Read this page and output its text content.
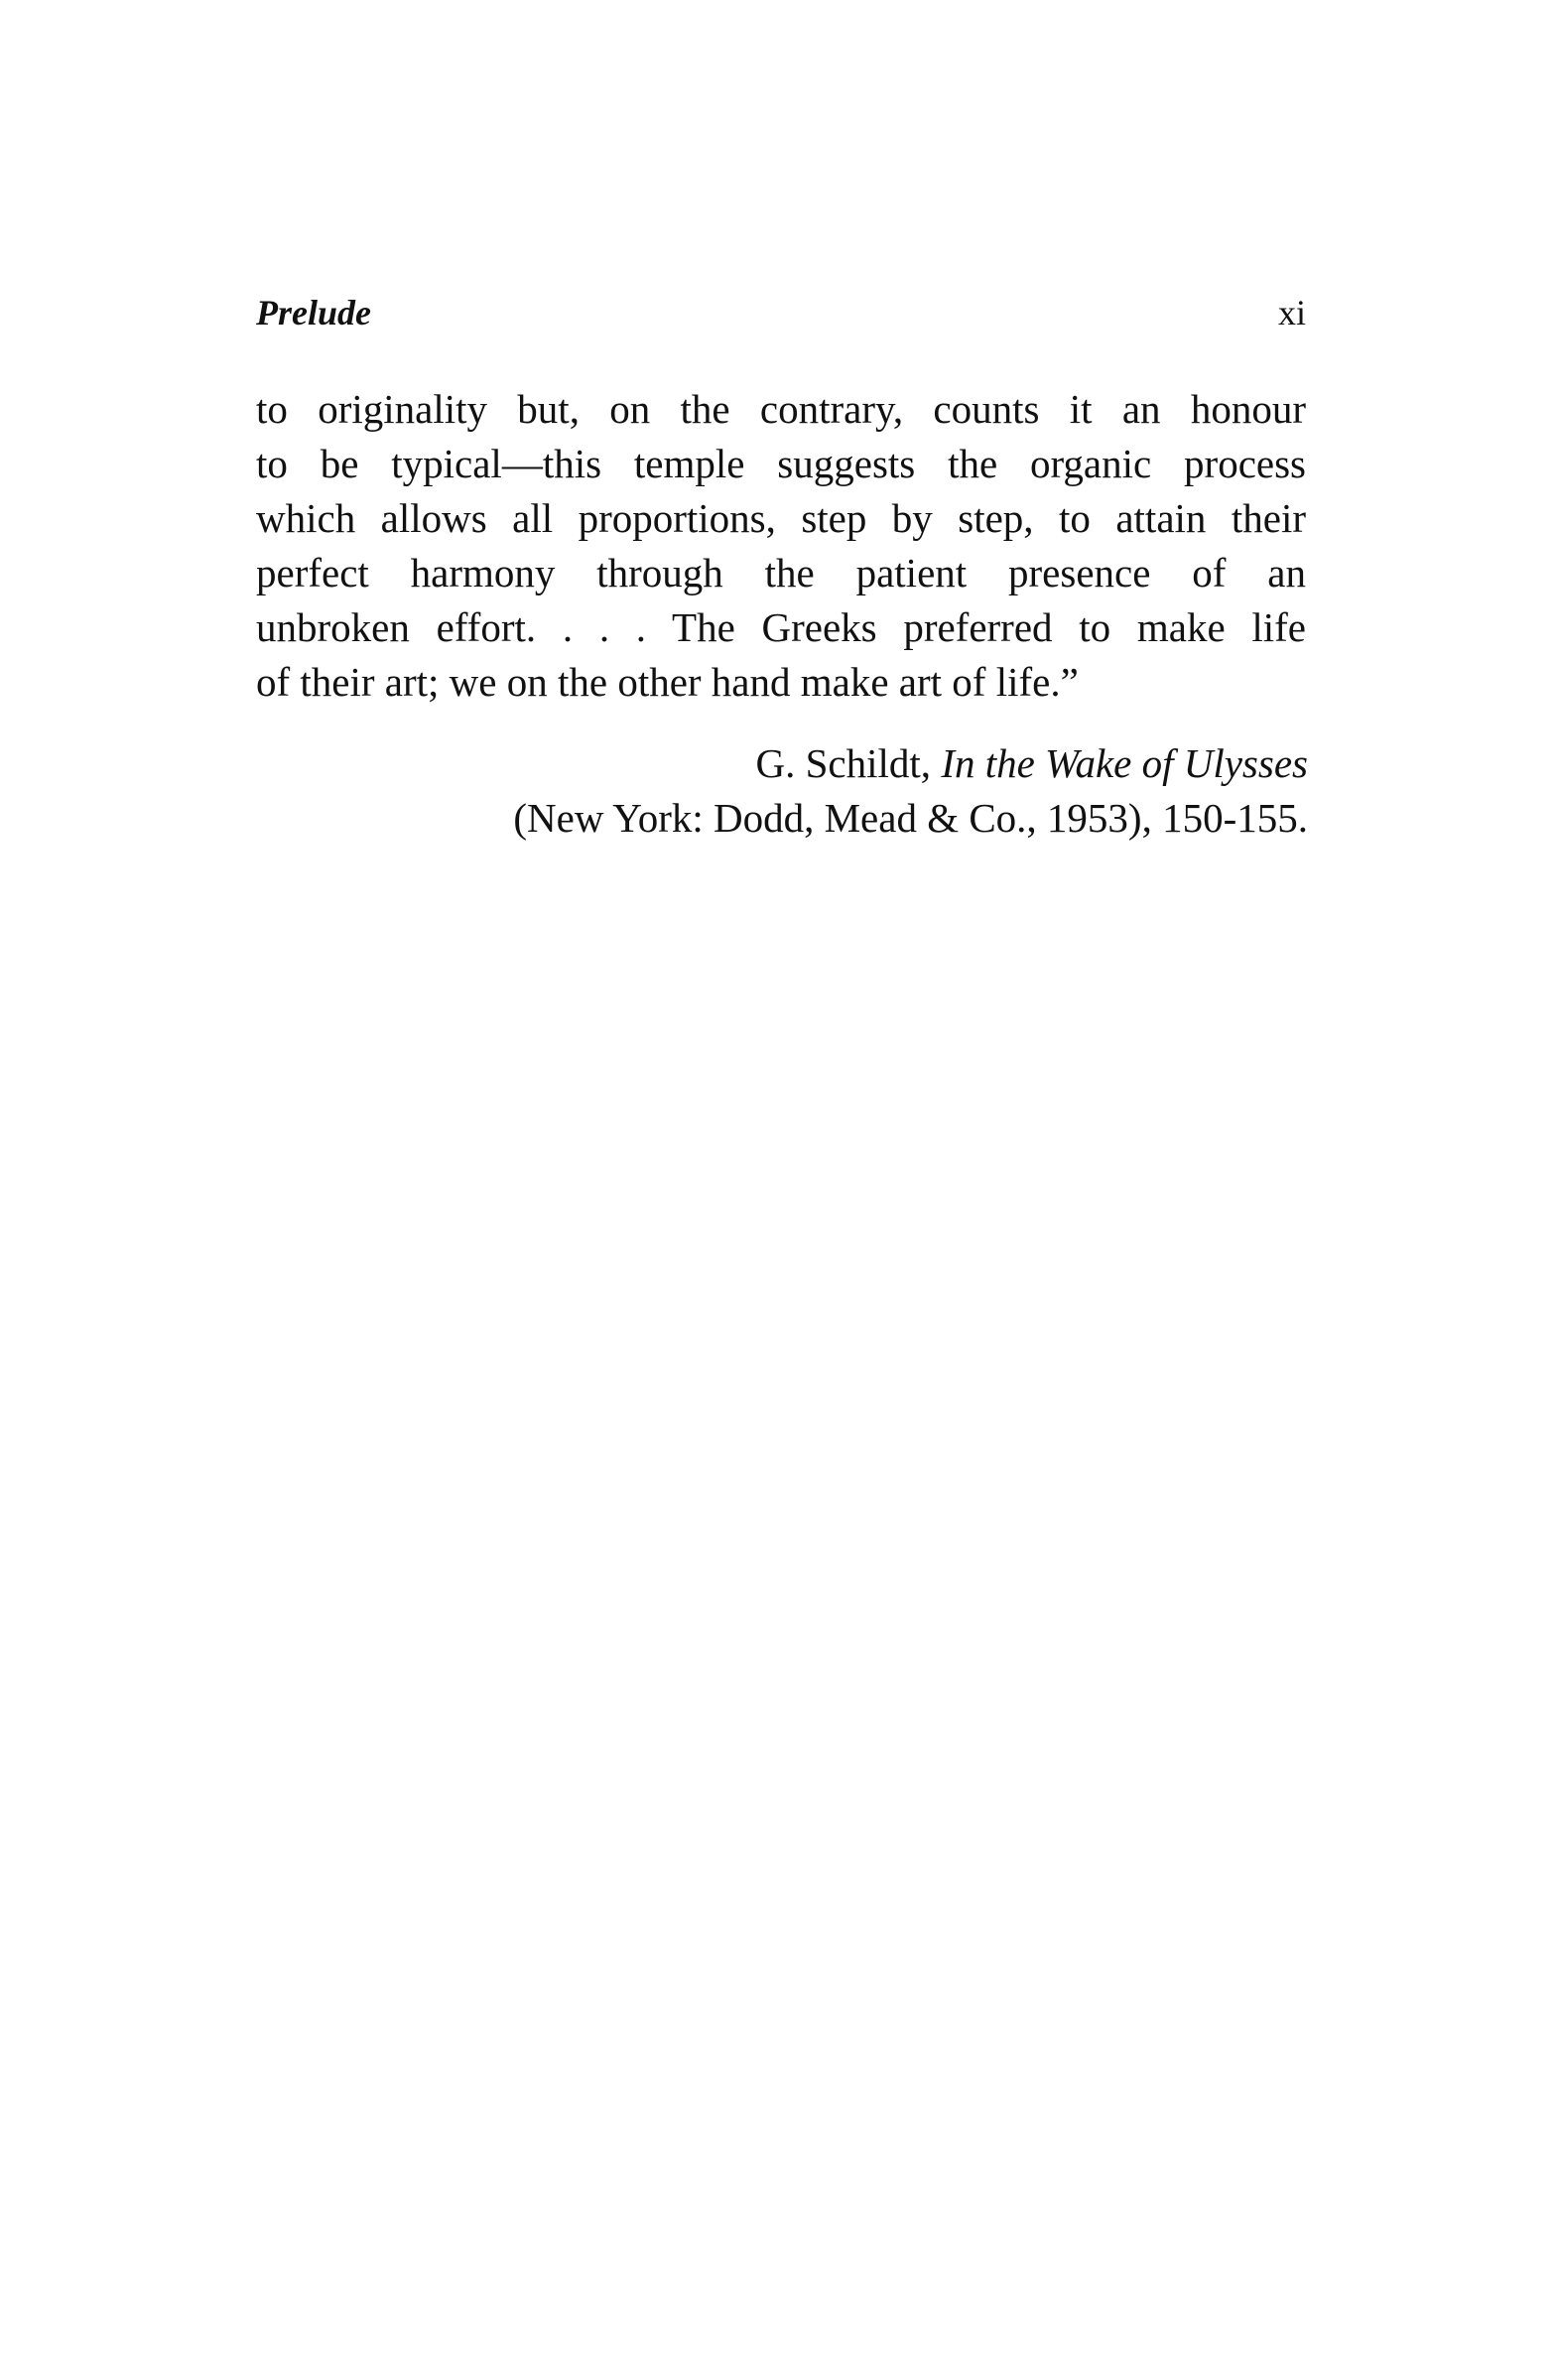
Prelude	xi
to originality but, on the contrary, counts it an honour
to be typical—this temple suggests the organic process
which allows all proportions, step by step, to attain their
perfect harmony through the patient presence of an
unbroken effort. . . . The Greeks preferred to make life
of their art; we on the other hand make art of life.”
G. Schildt, In the Wake of Ulysses
(New York: Dodd, Mead & Co., 1953), 150-155.
